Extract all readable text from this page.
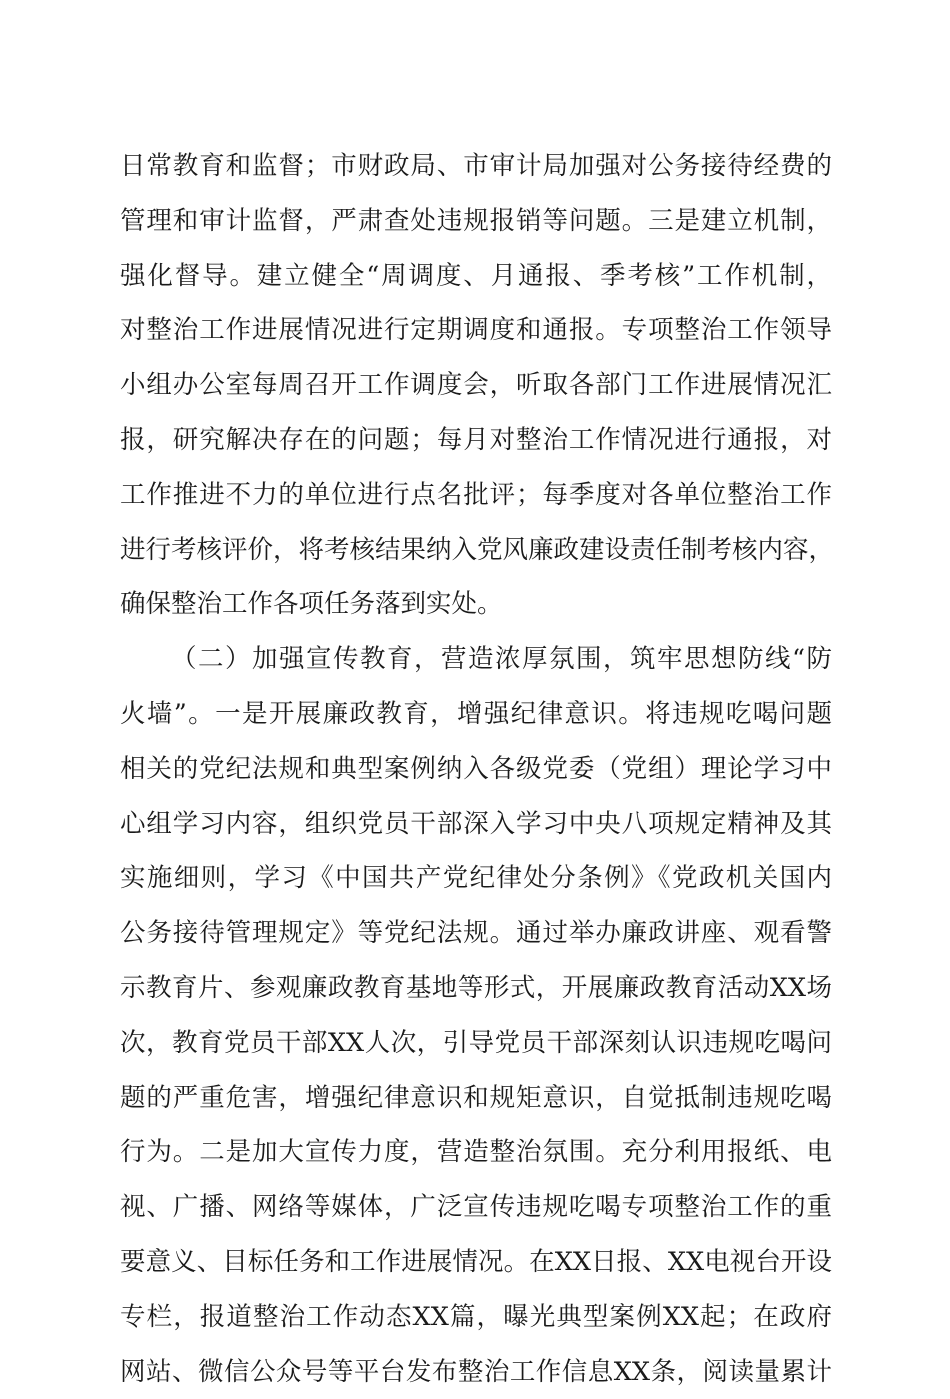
日常教育和监督；市财政局、市审计局加强对公务接待经费的
管理和审计监督，严肃查处违规报销等问题。三是建立机制，
强化督导。建立健全“周调度、月通报、季考核”工作机制，
对整治工作进展情况进行定期调度和通报。专项整治工作领导
小组办公室每周召开工作调度会，听取各部门工作进展情况汇
报，研究解决存在的问题；每月对整治工作情况进行通报，对
工作推进不力的单位进行点名批评；每季度对各单位整治工作
进行考核评价，将考核结果纳入党风廉政建设责任制考核内容，
确保整治工作各项任务落到实处。
（二）加强宣传教育，营造浓厚氛围，筑牢思想防线“防
火墙”。一是开展廉政教育，增强纪律意识。将违规吃喝问题
相关的党纪法规和典型案例纳入各级党委（党组）理论学习中
心组学习内容，组织党员干部深入学习中央八项规定精神及其
实施细则，学习《中国共产党纪律处分条例》《党政机关国内
公务接待管理规定》等党纪法规。通过举办廉政讲座、观看警
示教育片、参观廉政教育基地等形式，开展廉政教育活动XX场
次，教育党员干部XX人次，引导党员干部深刻认识违规吃喝问
题的严重危害，增强纪律意识和规矩意识，自觉抵制违规吃喝
行为。二是加大宣传力度，营造整治氛围。充分利用报纸、电
视、广播、网络等媒体，广泛宣传违规吃喝专项整治工作的重
要意义、目标任务和工作进展情况。在XX日报、XX电视台开设
专栏，报道整治工作动态XX篇，曝光典型案例XX起；在政府
网站、微信公众号等平台发布整治工作信息XX条，阅读量累计
